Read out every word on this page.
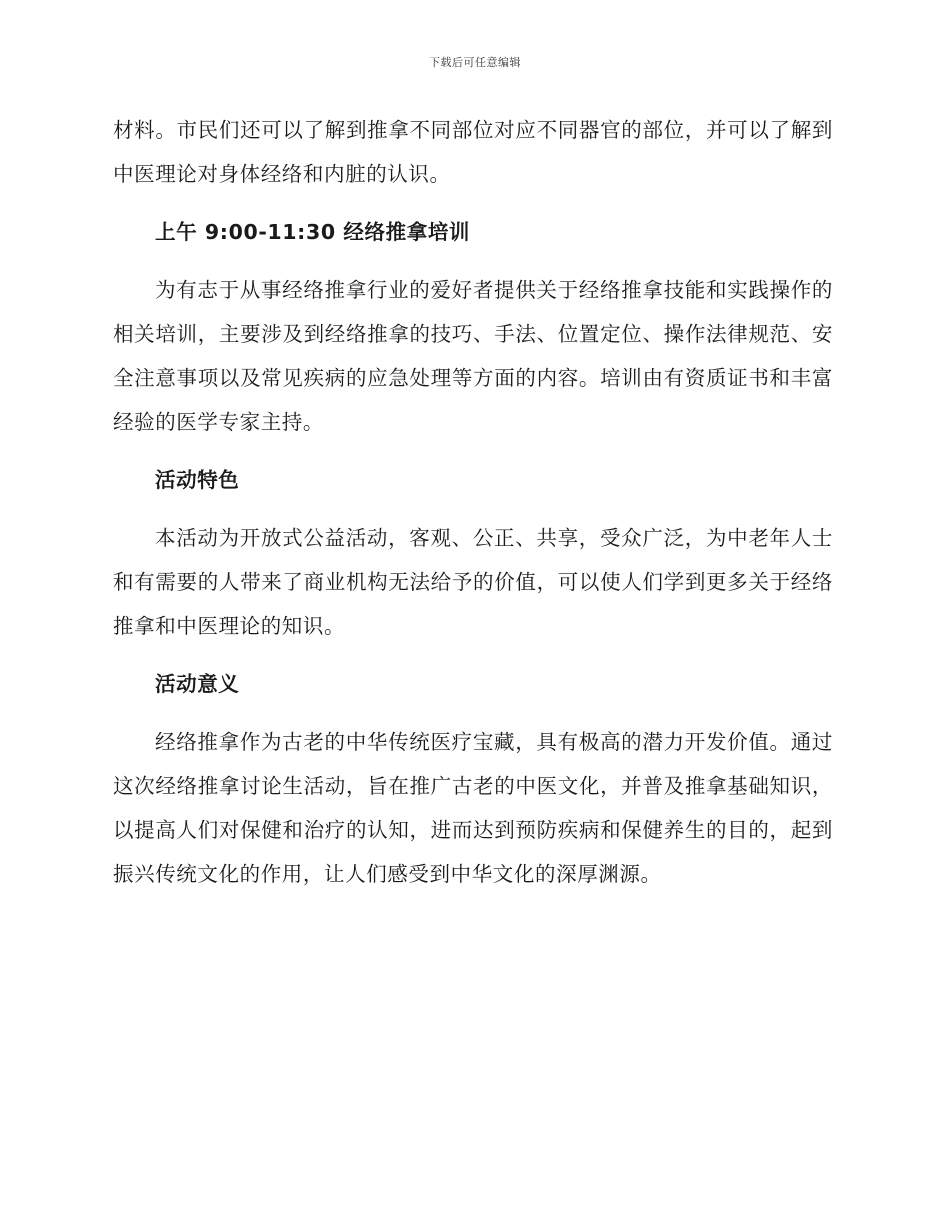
下载后可任意编辑

材料。市民们还可以了解到推拿不同部位对应不同器官的部位，并可以了解到中医理论对身体经络和内脏的认识。

上午 9:00-11:30 经络推拿培训

为有志于从事经络推拿行业的爱好者提供关于经络推拿技能和实践操作的相关培训，主要涉及到经络推拿的技巧、手法、位置定位、操作法律规范、安全注意事项以及常见疾病的应急处理等方面的内容。培训由有资质证书和丰富经验的医学专家主持。

活动特色

本活动为开放式公益活动，客观、公正、共享，受众广泛，为中老年人士和有需要的人带来了商业机构无法给予的价值，可以使人们学到更多关于经络推拿和中医理论的知识。

活动意义

经络推拿作为古老的中华传统医疗宝藏，具有极高的潜力开发价值。通过这次经络推拿讨论生活动，旨在推广古老的中医文化，并普及推拿基础知识，以提高人们对保健和治疗的认知，进而达到预防疾病和保健养生的目的，起到振兴传统文化的作用，让人们感受到中华文化的深厚渊源。
